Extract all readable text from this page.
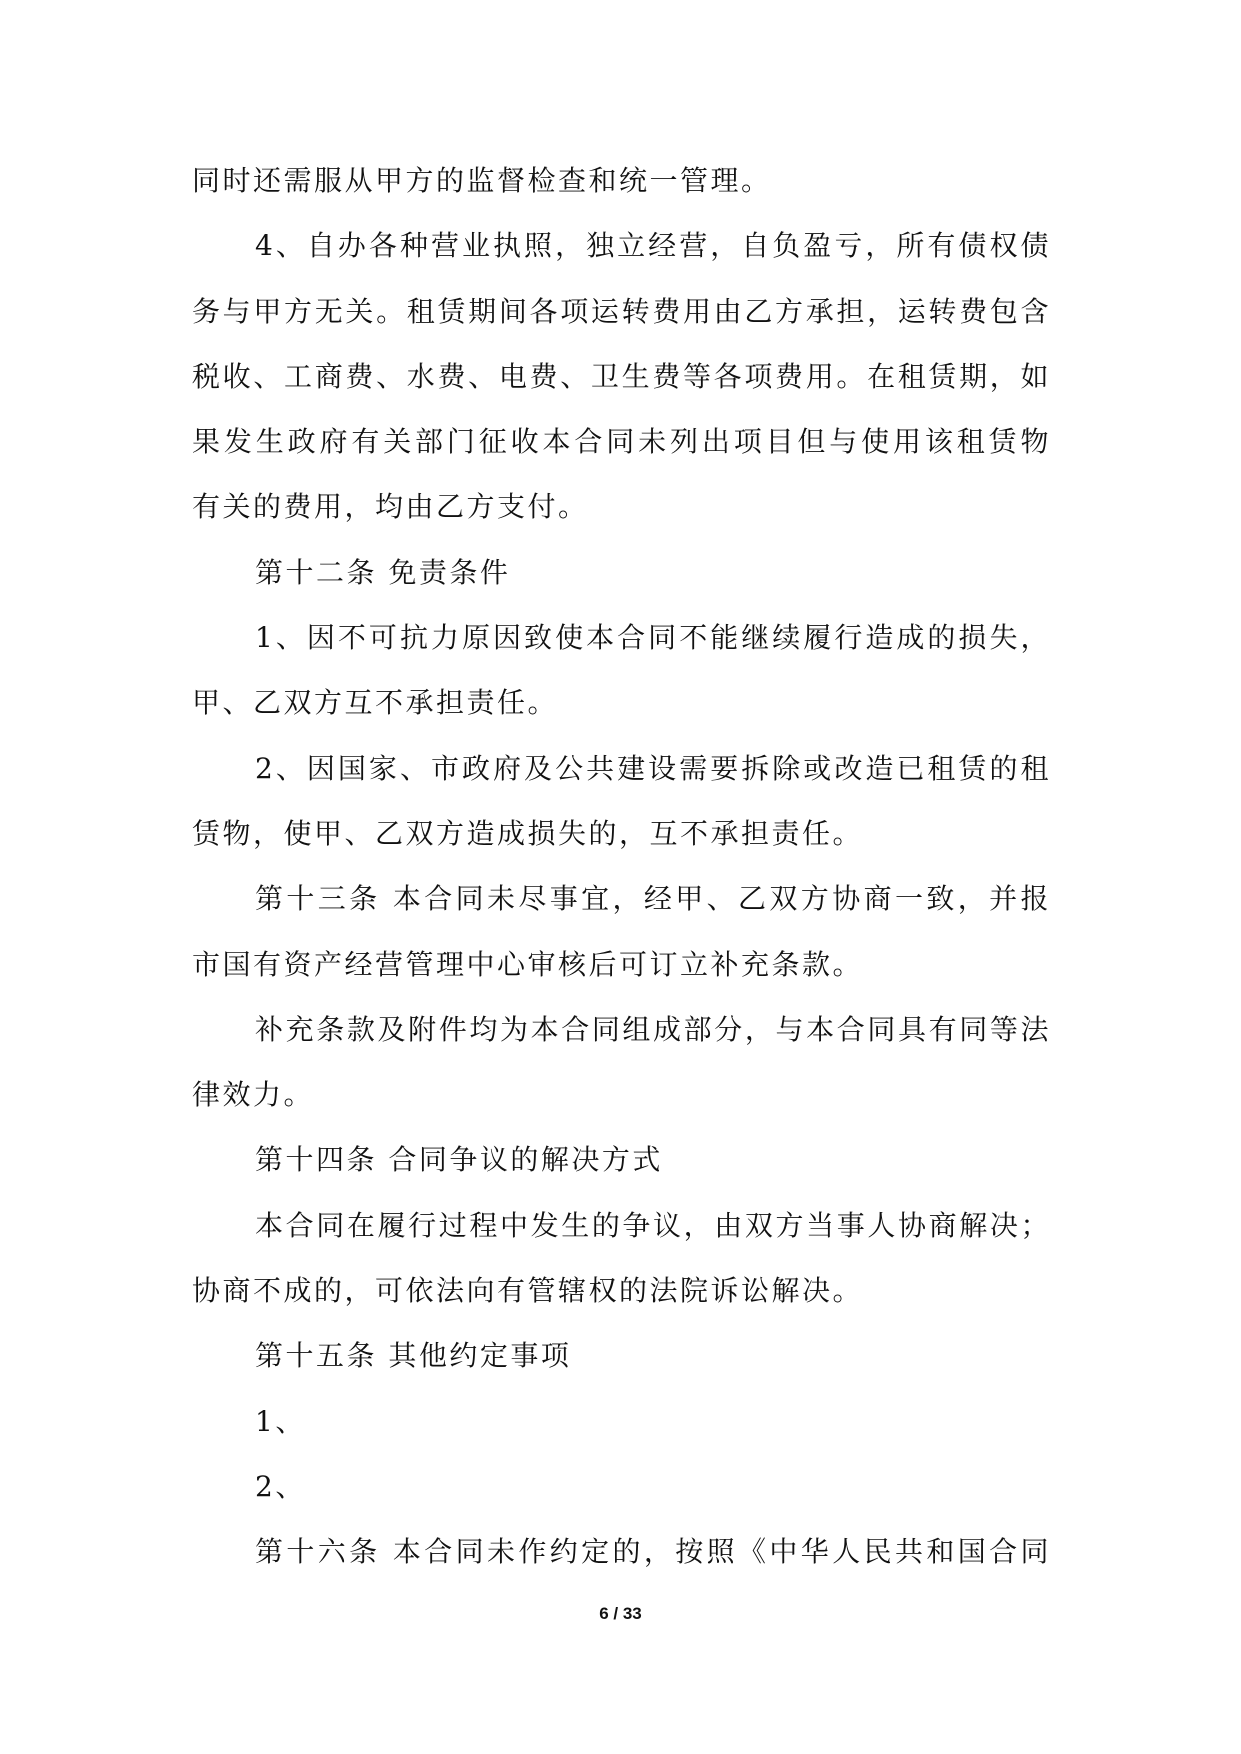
同时还需服从甲方的监督检查和统一管理。
4、自办各种营业执照，独立经营，自负盈亏，所有债权债
务与甲方无关。租赁期间各项运转费用由乙方承担，运转费包含
税收、工商费、水费、电费、卫生费等各项费用。在租赁期，如
果发生政府有关部门征收本合同未列出项目但与使用该租赁物
有关的费用，均由乙方支付。
第十二条 免责条件
1、因不可抗力原因致使本合同不能继续履行造成的损失，
甲、乙双方互不承担责任。
2、因国家、市政府及公共建设需要拆除或改造已租赁的租
赁物，使甲、乙双方造成损失的，互不承担责任。
第十三条 本合同未尽事宜，经甲、乙双方协商一致，并报
市国有资产经营管理中心审核后可订立补充条款。
补充条款及附件均为本合同组成部分，与本合同具有同等法
律效力。
第十四条 合同争议的解决方式
本合同在履行过程中发生的争议，由双方当事人协商解决；
协商不成的，可依法向有管辖权的法院诉讼解决。
第十五条 其他约定事项
1、
2、
第十六条 本合同未作约定的，按照《中华人民共和国合同
6 / 33
